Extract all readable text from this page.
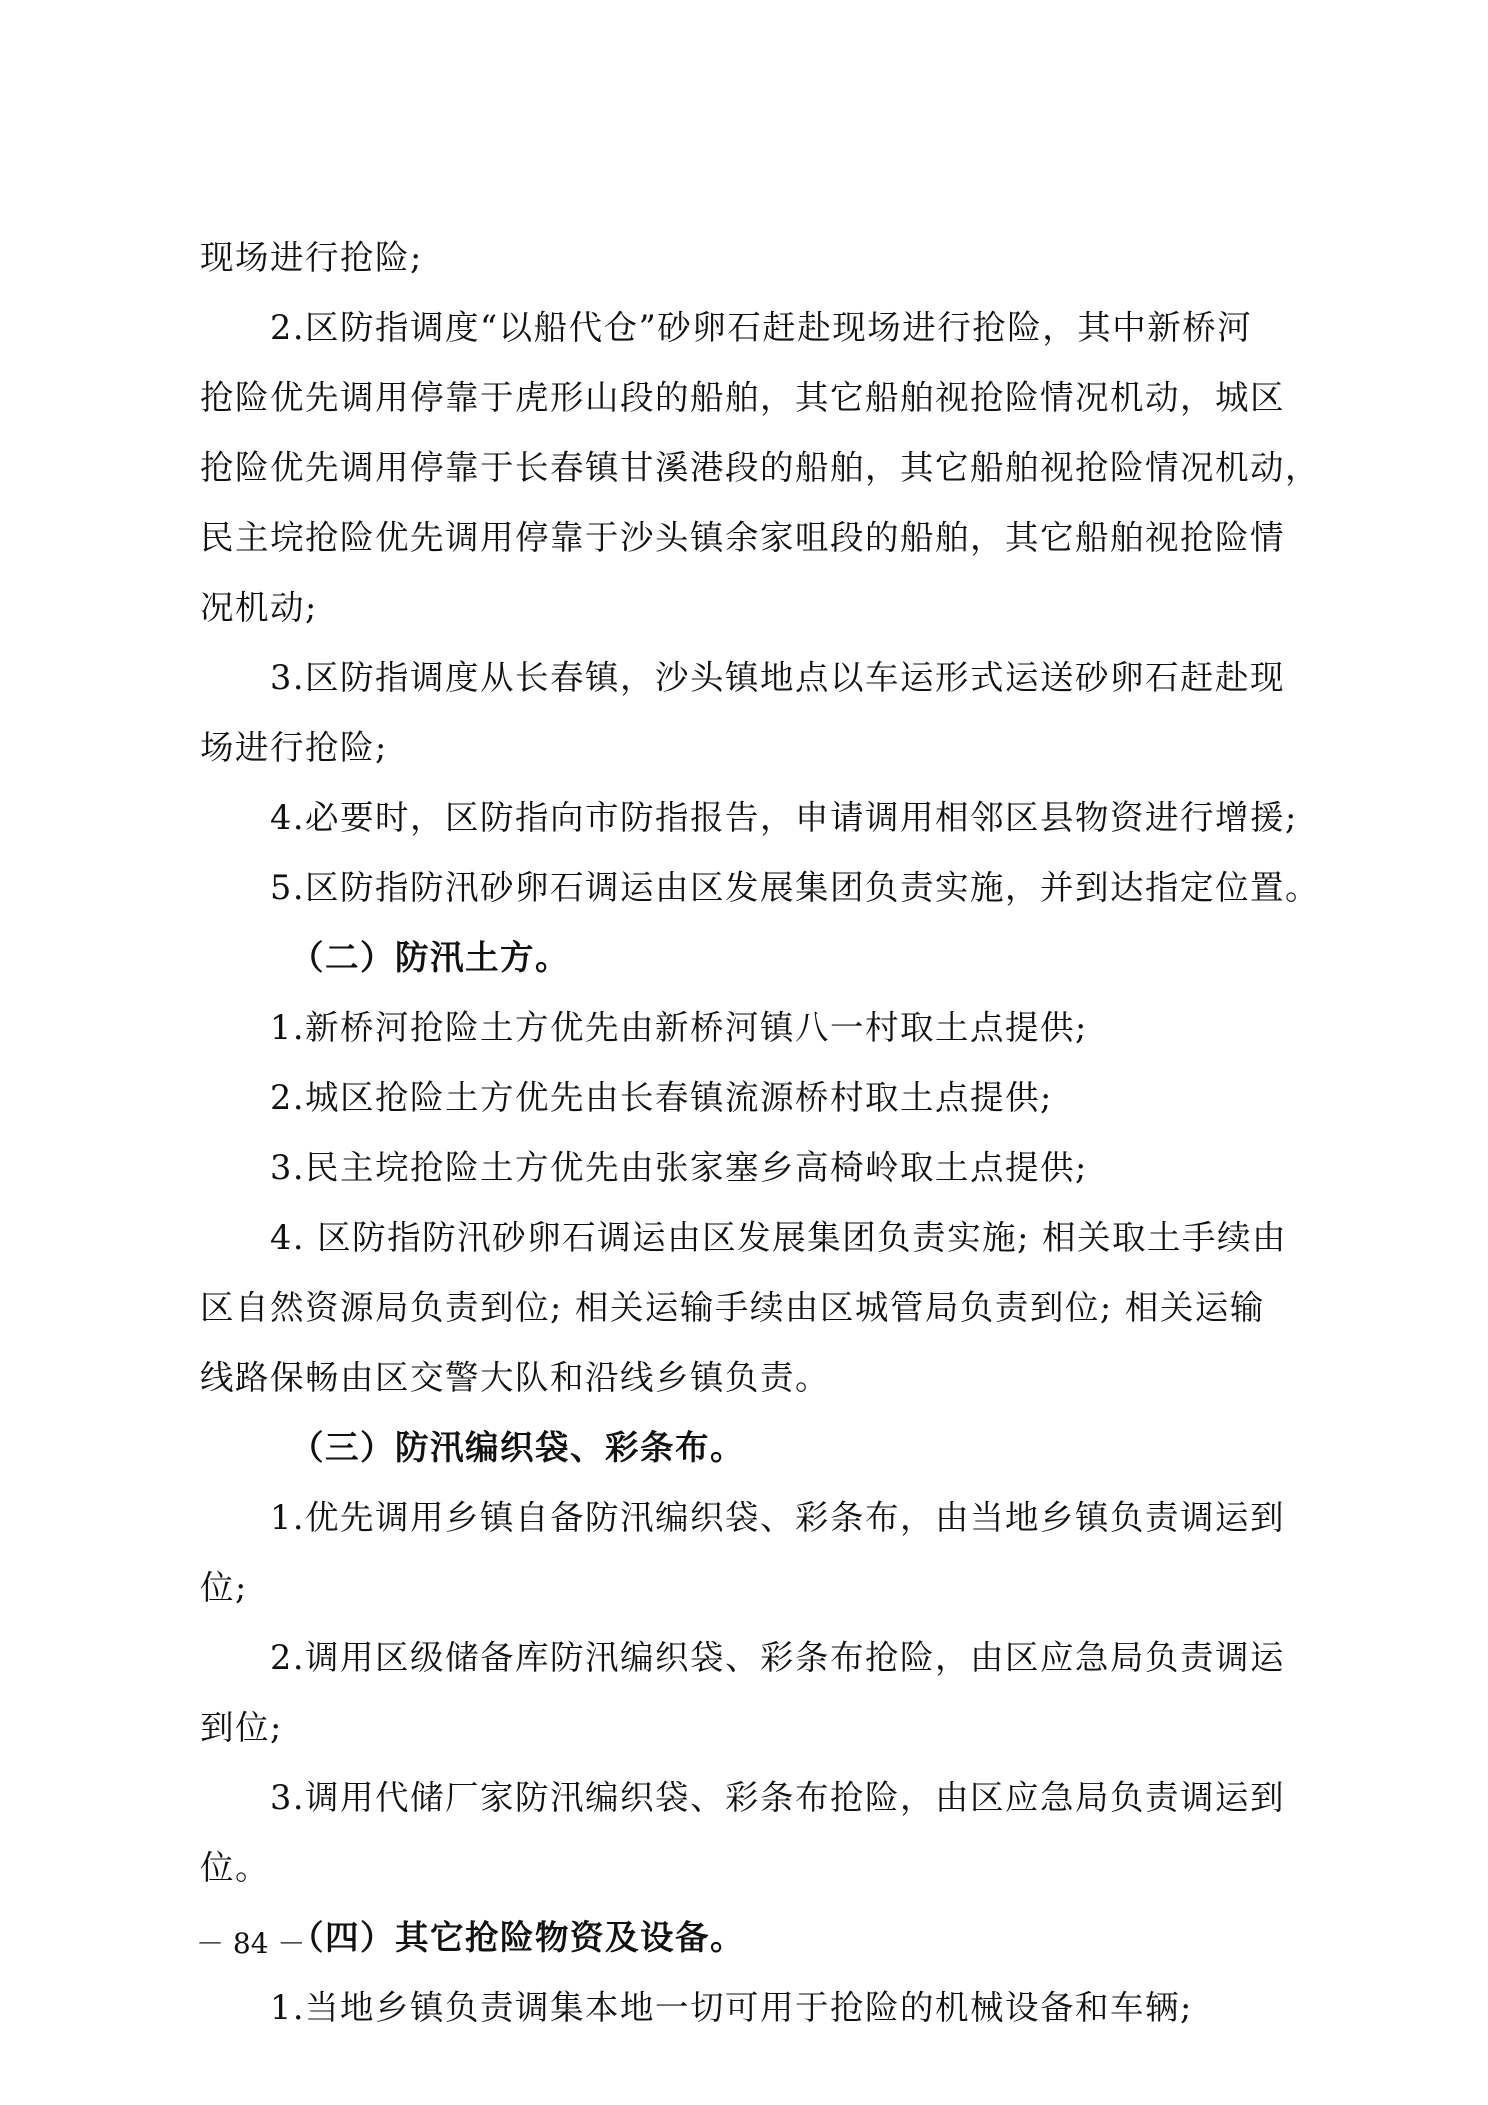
现场进行抢险;
2.区防指调度“以船代仓”砂卵石赶赴现场进行抢险，其中新桥河
抢险优先调用停靠于虎形山段的船舶，其它船舶视抢险情况机动，城区
抢险优先调用停靠于长春镇甘溪港段的船舶，其它船舶视抢险情况机动，
民主垸抢险优先调用停靠于沙头镇余家咀段的船舶，其它船舶视抢险情
况机动;
3.区防指调度从长春镇，沙头镇地点以车运形式运送砂卵石赶赴现
场进行抢险;
4.必要时，区防指向市防指报告，申请调用相邻区县物资进行增援;
5.区防指防汛砂卵石调运由区发展集团负责实施，并到达指定位置。
（二）防汛土方。
1.新桥河抢险土方优先由新桥河镇八一村取土点提供;
2.城区抢险土方优先由长春镇流源桥村取土点提供;
3.民主垸抢险土方优先由张家塞乡高椅岭取土点提供;
4. 区防指防汛砂卵石调运由区发展集团负责实施; 相关取土手续由
区自然资源局负责到位; 相关运输手续由区城管局负责到位; 相关运输
线路保畅由区交警大队和沿线乡镇负责。
（三）防汛编织袋、彩条布。
1.优先调用乡镇自备防汛编织袋、彩条布，由当地乡镇负责调运到
位;
2.调用区级储备库防汛编织袋、彩条布抢险，由区应急局负责调运
到位;
3.调用代储厂家防汛编织袋、彩条布抢险，由区应急局负责调运到
位。
（四）其它抢险物资及设备。
1.当地乡镇负责调集本地一切可用于抢险的机械设备和车辆;
－ 84 －
